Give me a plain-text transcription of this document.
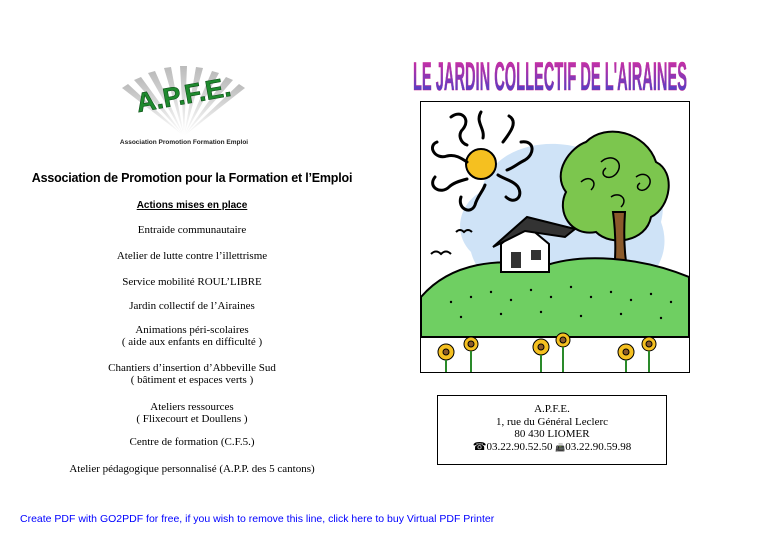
A.P.F.E.
Association Promotion Formation Emploi
Association de Promotion pour la Formation et l’Emploi
Actions mises en place
Entraide communautaire
Atelier de lutte contre l’illettrisme
Service mobilité ROUL’LIBRE
Jardin collectif de l’Airaines
Animations péri-scolaires
( aide aux enfants en difficulté )
Chantiers d’insertion d’Abbeville Sud
( bâtiment et espaces verts )
Ateliers ressources
( Flixecourt et Doullens )
Centre de formation (C.F.5.)
Atelier pédagogique personnalisé (A.P.P. des 5 cantons)
LE JARDIN COLLECTIF DE L'AIRAINES
A.P.F.E.
1, rue du Général Leclerc
80 430 LIOMER
☎03.22.90.52.50 📠03.22.90.59.98
Create PDF with GO2PDF for free, if you wish to remove this line, click here to buy Virtual PDF Printer
